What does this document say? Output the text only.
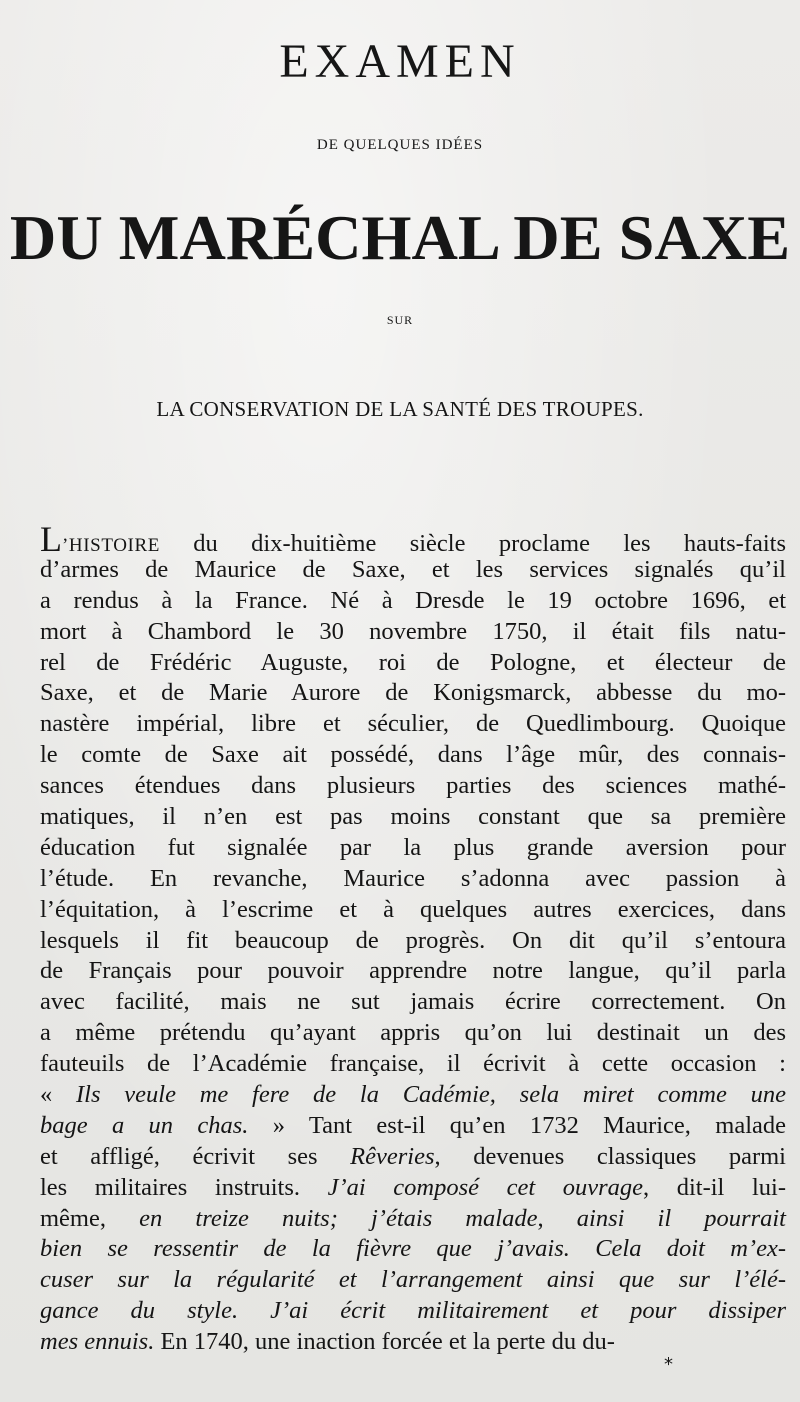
EXAMEN
DE QUELQUES IDÉES
DU MARÉCHAL DE SAXE
SUR
LA CONSERVATION DE LA SANTÉ DES TROUPES.
L’HISTOIRE du dix-huitième siècle proclame les hauts-faits
d’armes de Maurice de Saxe, et les services signalés qu’il
a rendus à la France. Né à Dresde le 19 octobre 1696, et
mort à Chambord le 30 novembre 1750, il était fils natu-
rel de Frédéric Auguste, roi de Pologne, et électeur de
Saxe, et de Marie Aurore de Konigsmarck, abbesse du mo-
nastère impérial, libre et séculier, de Quedlimbourg. Quoique
le comte de Saxe ait possédé, dans l’âge mûr, des connais-
sances étendues dans plusieurs parties des sciences mathé-
matiques, il n’en est pas moins constant que sa première
éducation fut signalée par la plus grande aversion pour
l’étude. En revanche, Maurice s’adonna avec passion à
l’équitation, à l’escrime et à quelques autres exercices, dans
lesquels il fit beaucoup de progrès. On dit qu’il s’entoura
de Français pour pouvoir apprendre notre langue, qu’il parla
avec facilité, mais ne sut jamais écrire correctement. On
a même prétendu qu’ayant appris qu’on lui destinait un des
fauteuils de l’Académie française, il écrivit à cette occasion :
« Ils veule me fere de la Cadémie, sela miret comme une
bage a un chas. » Tant est-il qu’en 1732 Maurice, malade
et affligé, écrivit ses Rêveries, devenues classiques parmi
les militaires instruits. J’ai composé cet ouvrage, dit-il lui-
même, en treize nuits; j’étais malade, ainsi il pourrait
bien se ressentir de la fièvre que j’avais. Cela doit m’ex-
cuser sur la régularité et l’arrangement ainsi que sur l’élé-
gance du style. J’ai écrit militairement et pour dissiper
mes ennuis. En 1740, une inaction forcée et la perte du du-
*
